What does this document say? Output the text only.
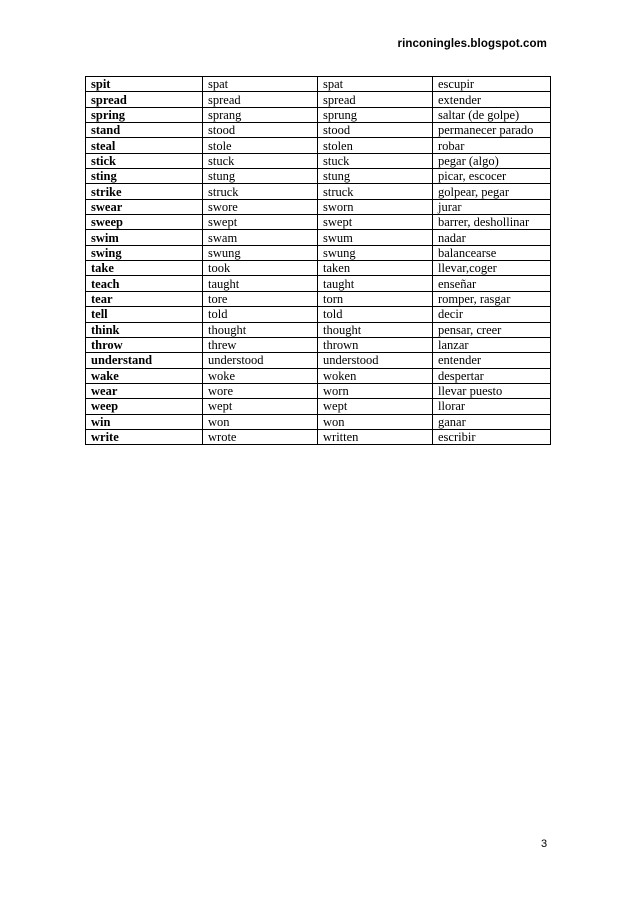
rinconingles.blogspot.com
spit	spat	spat	escupir
spread	spread	spread	extender
spring	sprang	sprung	saltar (de golpe)
stand	stood	stood	permanecer parado
steal	stole	stolen	robar
stick	stuck	stuck	pegar (algo)
sting	stung	stung	picar, escocer
strike	struck	struck	golpear, pegar
swear	swore	sworn	jurar
sweep	swept	swept	barrer, deshollinar
swim	swam	swum	nadar
swing	swung	swung	balancearse
take	took	taken	llevar,coger
teach	taught	taught	enseñar
tear	tore	torn	romper, rasgar
tell	told	told	decir
think	thought	thought	pensar, creer
throw	threw	thrown	lanzar
understand	understood	understood	entender
wake	woke	woken	despertar
wear	wore	worn	llevar puesto
weep	wept	wept	llorar
win	won	won	ganar
write	wrote	written	escribir
3
